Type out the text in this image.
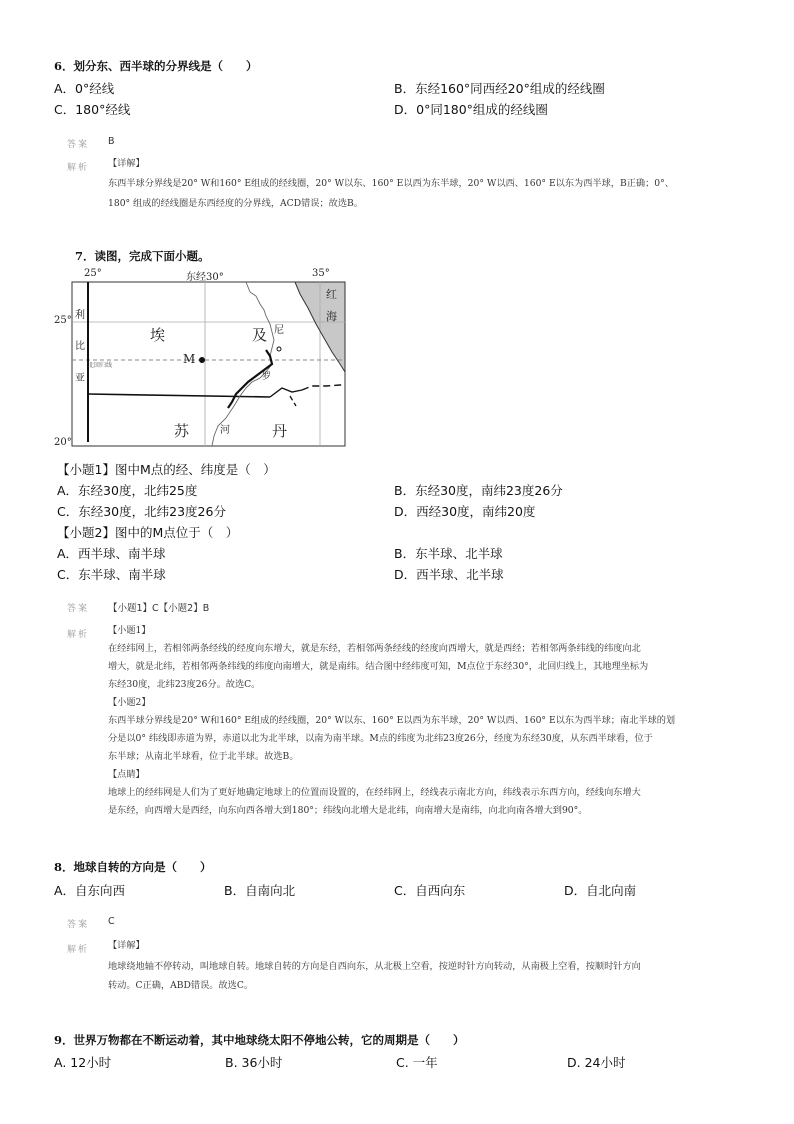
6．划分东、西半球的分界线是（　　）
A．0°经线	B．东经160°同西经20°组成的经线圈
C．180°经线	D．0°同180°组成的经线圈
答案 B
解析 【详解】
东西半球分界线是20° W和160° E组成的经线圈，20° W以东、160° E以西为东半球，20° W以西、160° E以东为西半球，B正确；0°、
180° 组成的经线圈是东西经度的分界线，ACD错误；故选B。
7．读图，完成下面小题。
25°	东经30°	35°
25°
20°
利
比
亚
埃	及 尼
罗
苏	河	丹
红
海
M
北回归线
【小题1】图中M点的经、纬度是（　）
A．东经30度，北纬25度	B．东经30度，南纬23度26分
C．东经30度，北纬23度26分	D．西经30度，南纬20度
【小题2】图中的M点位于（　）
A．西半球、南半球	B．东半球、北半球
C．东半球、南半球	D．西半球、北半球
答案 【小题1】C【小题2】B
解析 【小题1】
在经纬网上，若相邻两条经线的经度向东增大，就是东经，若相邻两条经线的经度向西增大，就是西经；若相邻两条纬线的纬度向北
增大，就是北纬，若相邻两条纬线的纬度向南增大，就是南纬。结合图中经纬度可知，M点位于东经30°，北回归线上，其地理坐标为
东经30度，北纬23度26分。故选C。
【小题2】
东西半球分界线是20° W和160° E组成的经线圈，20° W以东、160° E以西为东半球，20° W以西、160° E以东为西半球；南北半球的划
分是以0° 纬线即赤道为界，赤道以北为北半球，以南为南半球。M点的纬度为北纬23度26分，经度为东经30度，从东西半球看，位于
东半球；从南北半球看，位于北半球。故选B。
【点睛】
地球上的经纬网是人们为了更好地确定地球上的位置而设置的，在经纬网上，经线表示南北方向，纬线表示东西方向，经线向东增大
是东经，向西增大是西经，向东向西各增大到180°；纬线向北增大是北纬，向南增大是南纬，向北向南各增大到90°。
8．地球自转的方向是（　　）
A．自东向西	B．自南向北	C．自西向东	D．自北向南
答案 C
解析 【详解】
地球绕地轴不停转动，叫地球自转。地球自转的方向是自西向东，从北极上空看，按逆时针方向转动，从南极上空看，按顺时针方向
转动。C正确，ABD错误。故选C。
9．世界万物都在不断运动着，其中地球绕太阳不停地公转，它的周期是（　　）
A. 12小时	B. 36小时	C. 一年	D. 24小时
